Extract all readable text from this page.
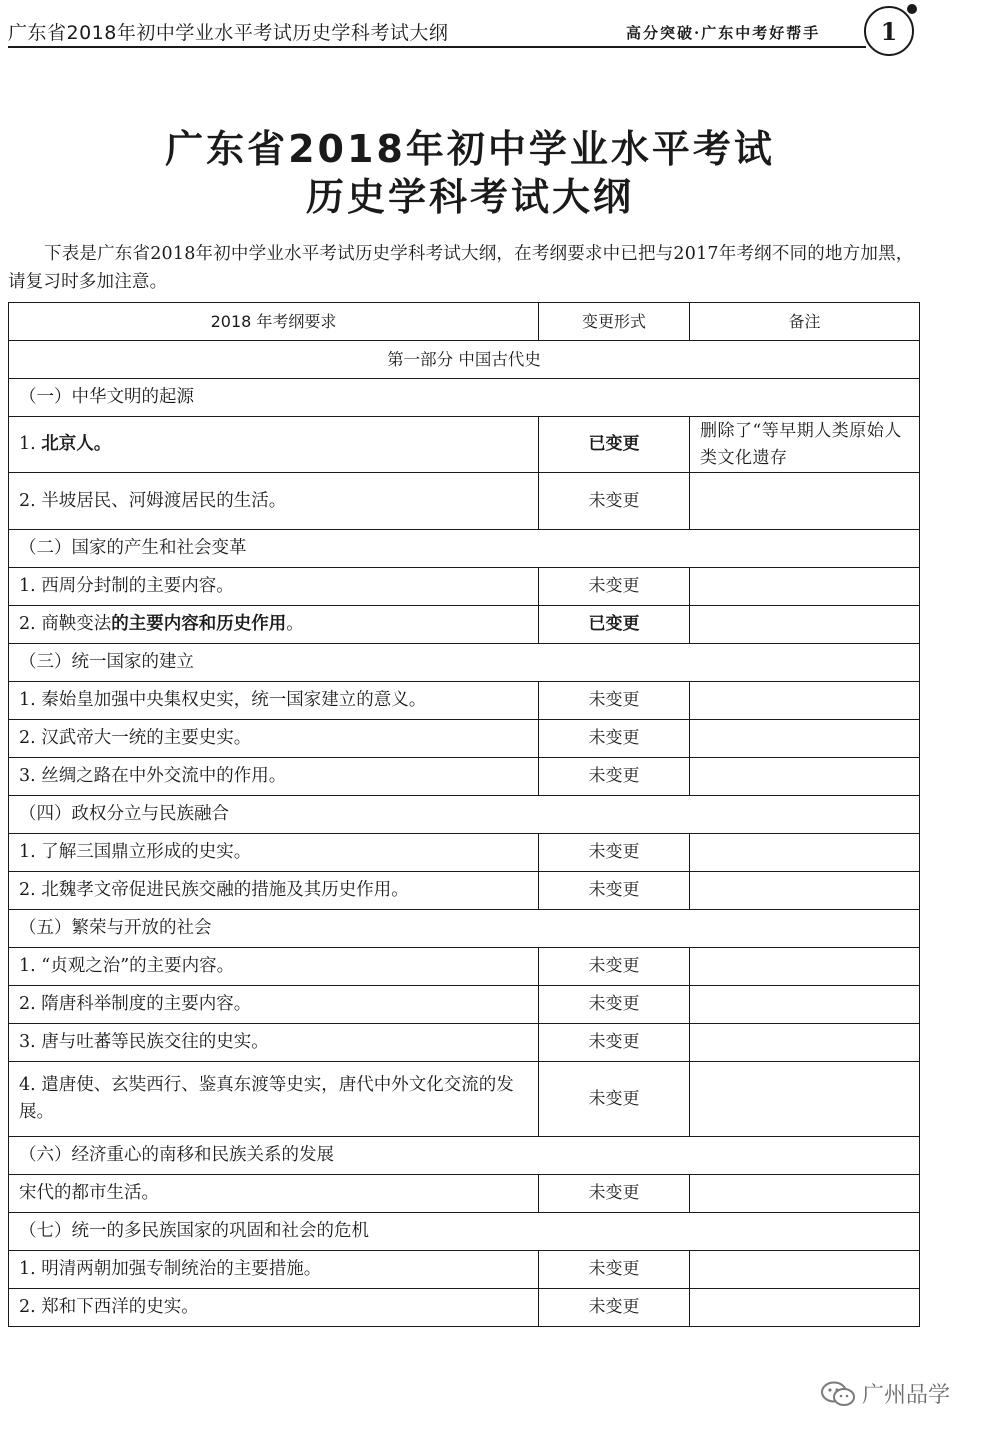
广东省2018年初中学业水平考试历史学科考试大纲	高分突破·广东中考好帮手	1
广东省2018年初中学业水平考试
历史学科考试大纲

下表是广东省2018年初中学业水平考试历史学科考试大纲，在考纲要求中已把与2017年考纲不同的地方加黑，请复习时多加注意。

2018 年考纲要求	变更形式	备注
第一部分 中国古代史		
（一）中华文明的起源		
1. 北京人。	已变更	删除了“等早期人类原始人类文化遗存
2. 半坡居民、河姆渡居民的生活。	未变更	
（二）国家的产生和社会变革		
1. 西周分封制的主要内容。	未变更	
2. 商鞅变法的主要内容和历史作用。	已变更	
（三）统一国家的建立		
1. 秦始皇加强中央集权史实，统一国家建立的意义。	未变更	
2. 汉武帝大一统的主要史实。	未变更	
3. 丝绸之路在中外交流中的作用。	未变更	
（四）政权分立与民族融合		
1. 了解三国鼎立形成的史实。	未变更	
2. 北魏孝文帝促进民族交融的措施及其历史作用。	未变更	
（五）繁荣与开放的社会		
1. “贞观之治”的主要内容。	未变更	
2. 隋唐科举制度的主要内容。	未变更	
3. 唐与吐蕃等民族交往的史实。	未变更	
4. 遣唐使、玄奘西行、鉴真东渡等史实，唐代中外文化交流的发展。	未变更	
（六）经济重心的南移和民族关系的发展		
宋代的都市生活。	未变更	
（七）统一的多民族国家的巩固和社会的危机		
1. 明清两朝加强专制统治的主要措施。	未变更	
2. 郑和下西洋的史实。	未变更	
广州品学
